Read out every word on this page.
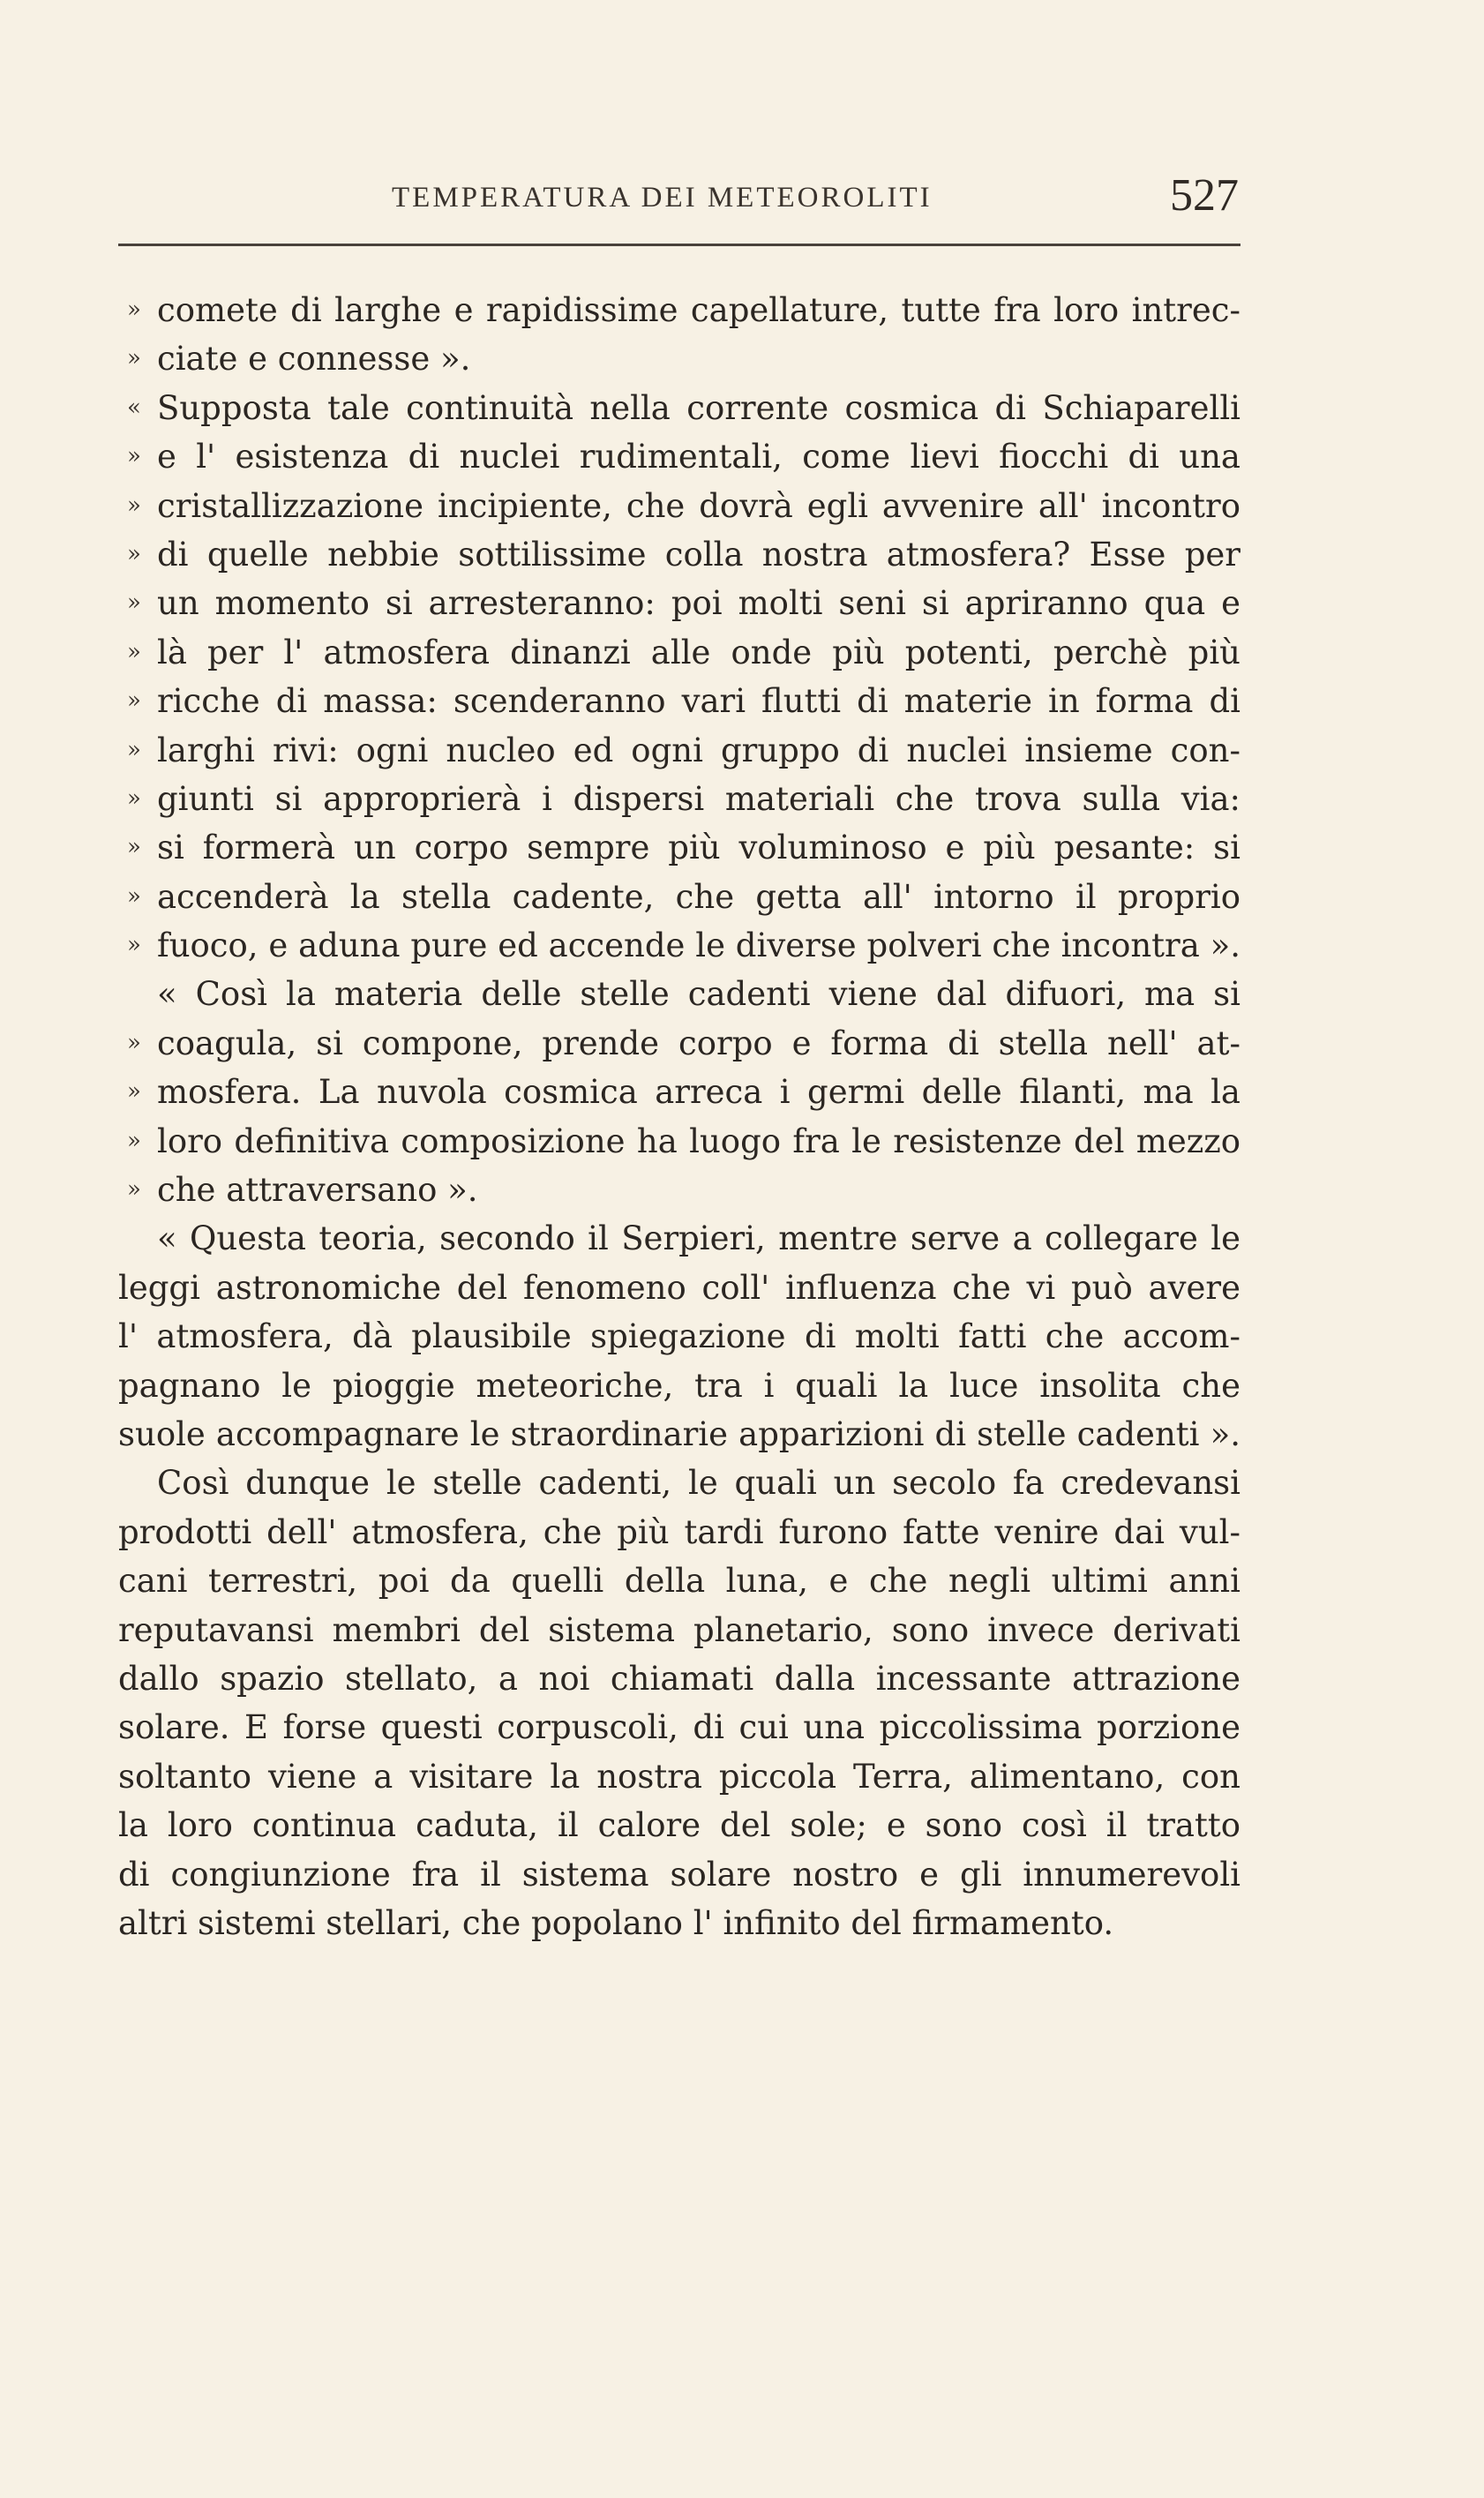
TEMPERATURA DEI METEOROLITI	527
» comete di larghe e rapidissime capellature, tutte fra loro intrec-
» ciate e connesse ».
« Supposta tale continuità nella corrente cosmica di Schiaparelli
» e l' esistenza di nuclei rudimentali, come lievi fiocchi di una
» cristallizzazione incipiente, che dovrà egli avvenire all' incontro
» di quelle nebbie sottilissime colla nostra atmosfera? Esse per
» un momento si arresteranno: poi molti seni si apriranno qua e
» là per l' atmosfera dinanzi alle onde più potenti, perchè più
» ricche di massa: scenderanno vari flutti di materie in forma di
» larghi rivi: ogni nucleo ed ogni gruppo di nuclei insieme con-
» giunti si approprierà i dispersi materiali che trova sulla via:
» si formerà un corpo sempre più voluminoso e più pesante: si
» accenderà la stella cadente, che getta all' intorno il proprio
» fuoco, e aduna pure ed accende le diverse polveri che incontra ».
« Così la materia delle stelle cadenti viene dal difuori, ma si
» coagula, si compone, prende corpo e forma di stella nell' at-
» mosfera. La nuvola cosmica arreca i germi delle filanti, ma la
» loro definitiva composizione ha luogo fra le resistenze del mezzo
» che attraversano ».
« Questa teoria, secondo il Serpieri, mentre serve a collegare le
leggi astronomiche del fenomeno coll' influenza che vi può avere
l' atmosfera, dà plausibile spiegazione di molti fatti che accom-
pagnano le pioggie meteoriche, tra i quali la luce insolita che
suole accompagnare le straordinarie apparizioni di stelle cadenti ».
Così dunque le stelle cadenti, le quali un secolo fa credevansi
prodotti dell' atmosfera, che più tardi furono fatte venire dai vul-
cani terrestri, poi da quelli della luna, e che negli ultimi anni
reputavansi membri del sistema planetario, sono invece derivati
dallo spazio stellato, a noi chiamati dalla incessante attrazione
solare. E forse questi corpuscoli, di cui una piccolissima porzione
soltanto viene a visitare la nostra piccola Terra, alimentano, con
la loro continua caduta, il calore del sole; e sono così il tratto
di congiunzione fra il sistema solare nostro e gli innumerevoli
altri sistemi stellari, che popolano l' infinito del firmamento.
